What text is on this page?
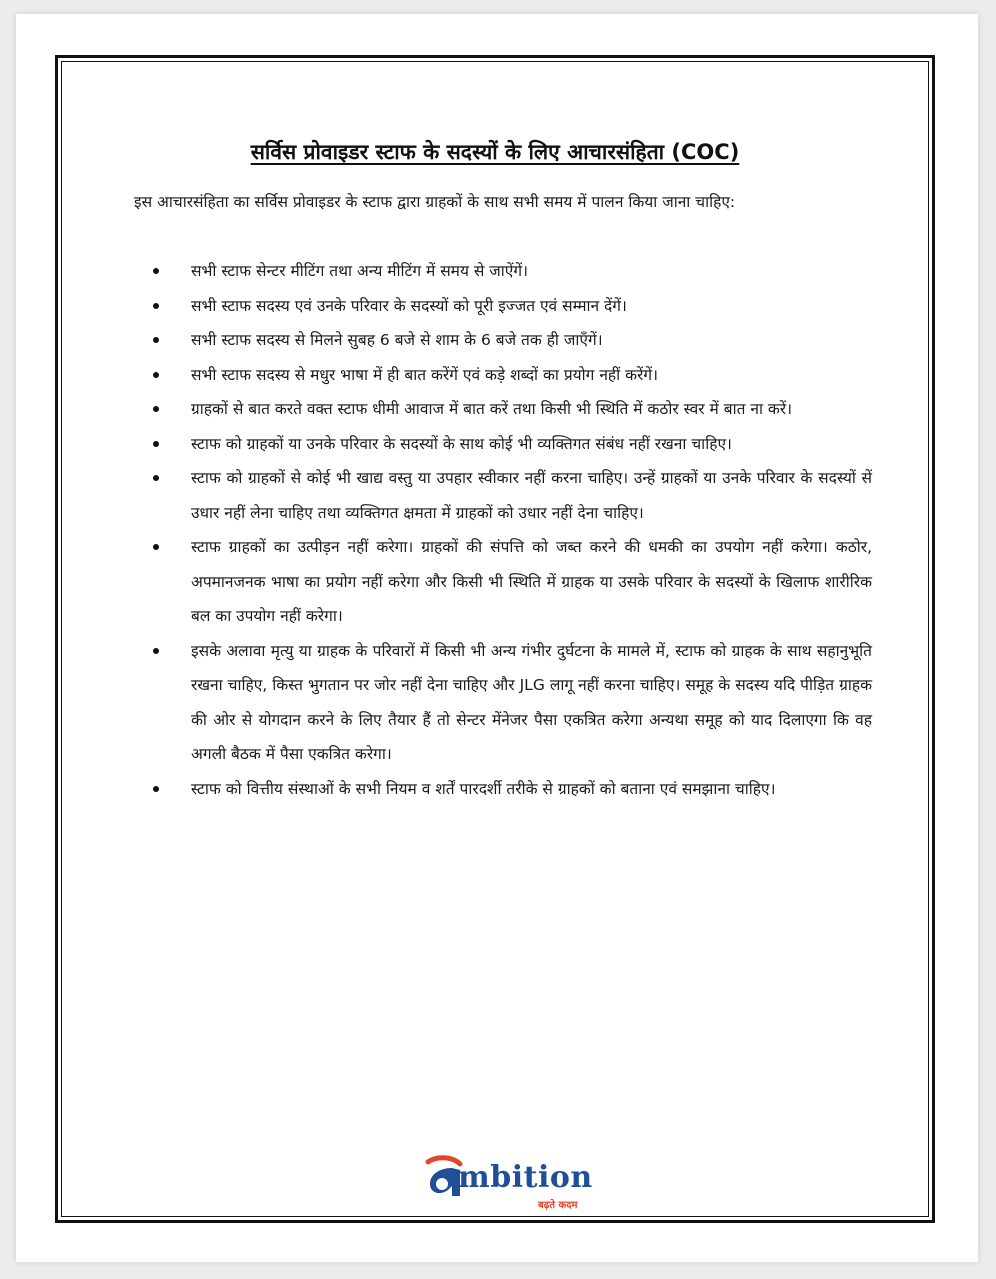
सर्विस प्रोवाइडर स्टाफ के सदस्यों के लिए आचारसंहिता (COC)
इस आचारसंहिता का सर्विस प्रोवाइडर के स्टाफ द्वारा ग्राहकों के साथ सभी समय में पालन किया जाना चाहिए:
सभी स्टाफ सेन्टर मीटिंग तथा अन्य मीटिंग में समय से जाऐंगें।
सभी स्टाफ सदस्य एवं उनके परिवार के सदस्यों को पूरी इज्जत एवं सम्मान देंगें।
सभी स्टाफ सदस्य से मिलने सुबह 6 बजे से शाम के 6 बजे तक ही जाएँगें।
सभी स्टाफ सदस्य से मधुर भाषा में ही बात करेंगें एवं कड़े शब्दों का प्रयोग नहीं करेंगें।
ग्राहकों से बात करते वक्त स्टाफ धीमी आवाज में बात करें तथा किसी भी स्थिति में कठोर स्वर में बात ना करें।
स्टाफ को ग्राहकों या उनके परिवार के सदस्यों के साथ कोई भी व्यक्तिगत संबंध नहीं रखना चाहिए।
स्टाफ को ग्राहकों से कोई भी खाद्य वस्तु या उपहार स्वीकार नहीं करना चाहिए। उन्हें ग्राहकों या उनके परिवार के सदस्यों सें उधार नहीं लेना चाहिए तथा व्यक्तिगत क्षमता में ग्राहकों को उधार नहीं देना चाहिए।
स्टाफ ग्राहकों का उत्पीड़न नहीं करेगा। ग्राहकों की संपत्ति को जब्त करने की धमकी का उपयोग नहीं करेगा। कठोर, अपमानजनक भाषा का प्रयोग नहीं करेगा और किसी भी स्थिति में ग्राहक या उसके परिवार के सदस्यों के खिलाफ शारीरिक बल का उपयोग नहीं करेगा।
इसके अलावा मृत्यु या ग्राहक के परिवारों में किसी भी अन्य गंभीर दुर्घटना के मामले में, स्टाफ को ग्राहक के साथ सहानुभूति रखना चाहिए, किस्त भुगतान पर जोर नहीं देना चाहिए और JLG लागू नहीं करना चाहिए। समूह के सदस्य यदि पीड़ित ग्राहक की ओर से योगदान करने के लिए तैयार हैं तो सेन्टर मेंनेजर पैसा एकत्रित करेगा अन्यथा समूह को याद दिलाएगा कि वह अगली बैठक में पैसा एकत्रित करेगा।
स्टाफ को वित्तीय संस्थाओं के सभी नियम व शर्तें पारदर्शी तरीके से ग्राहकों को बताना एवं समझाना चाहिए।
mbition
बढ़ते कदम
